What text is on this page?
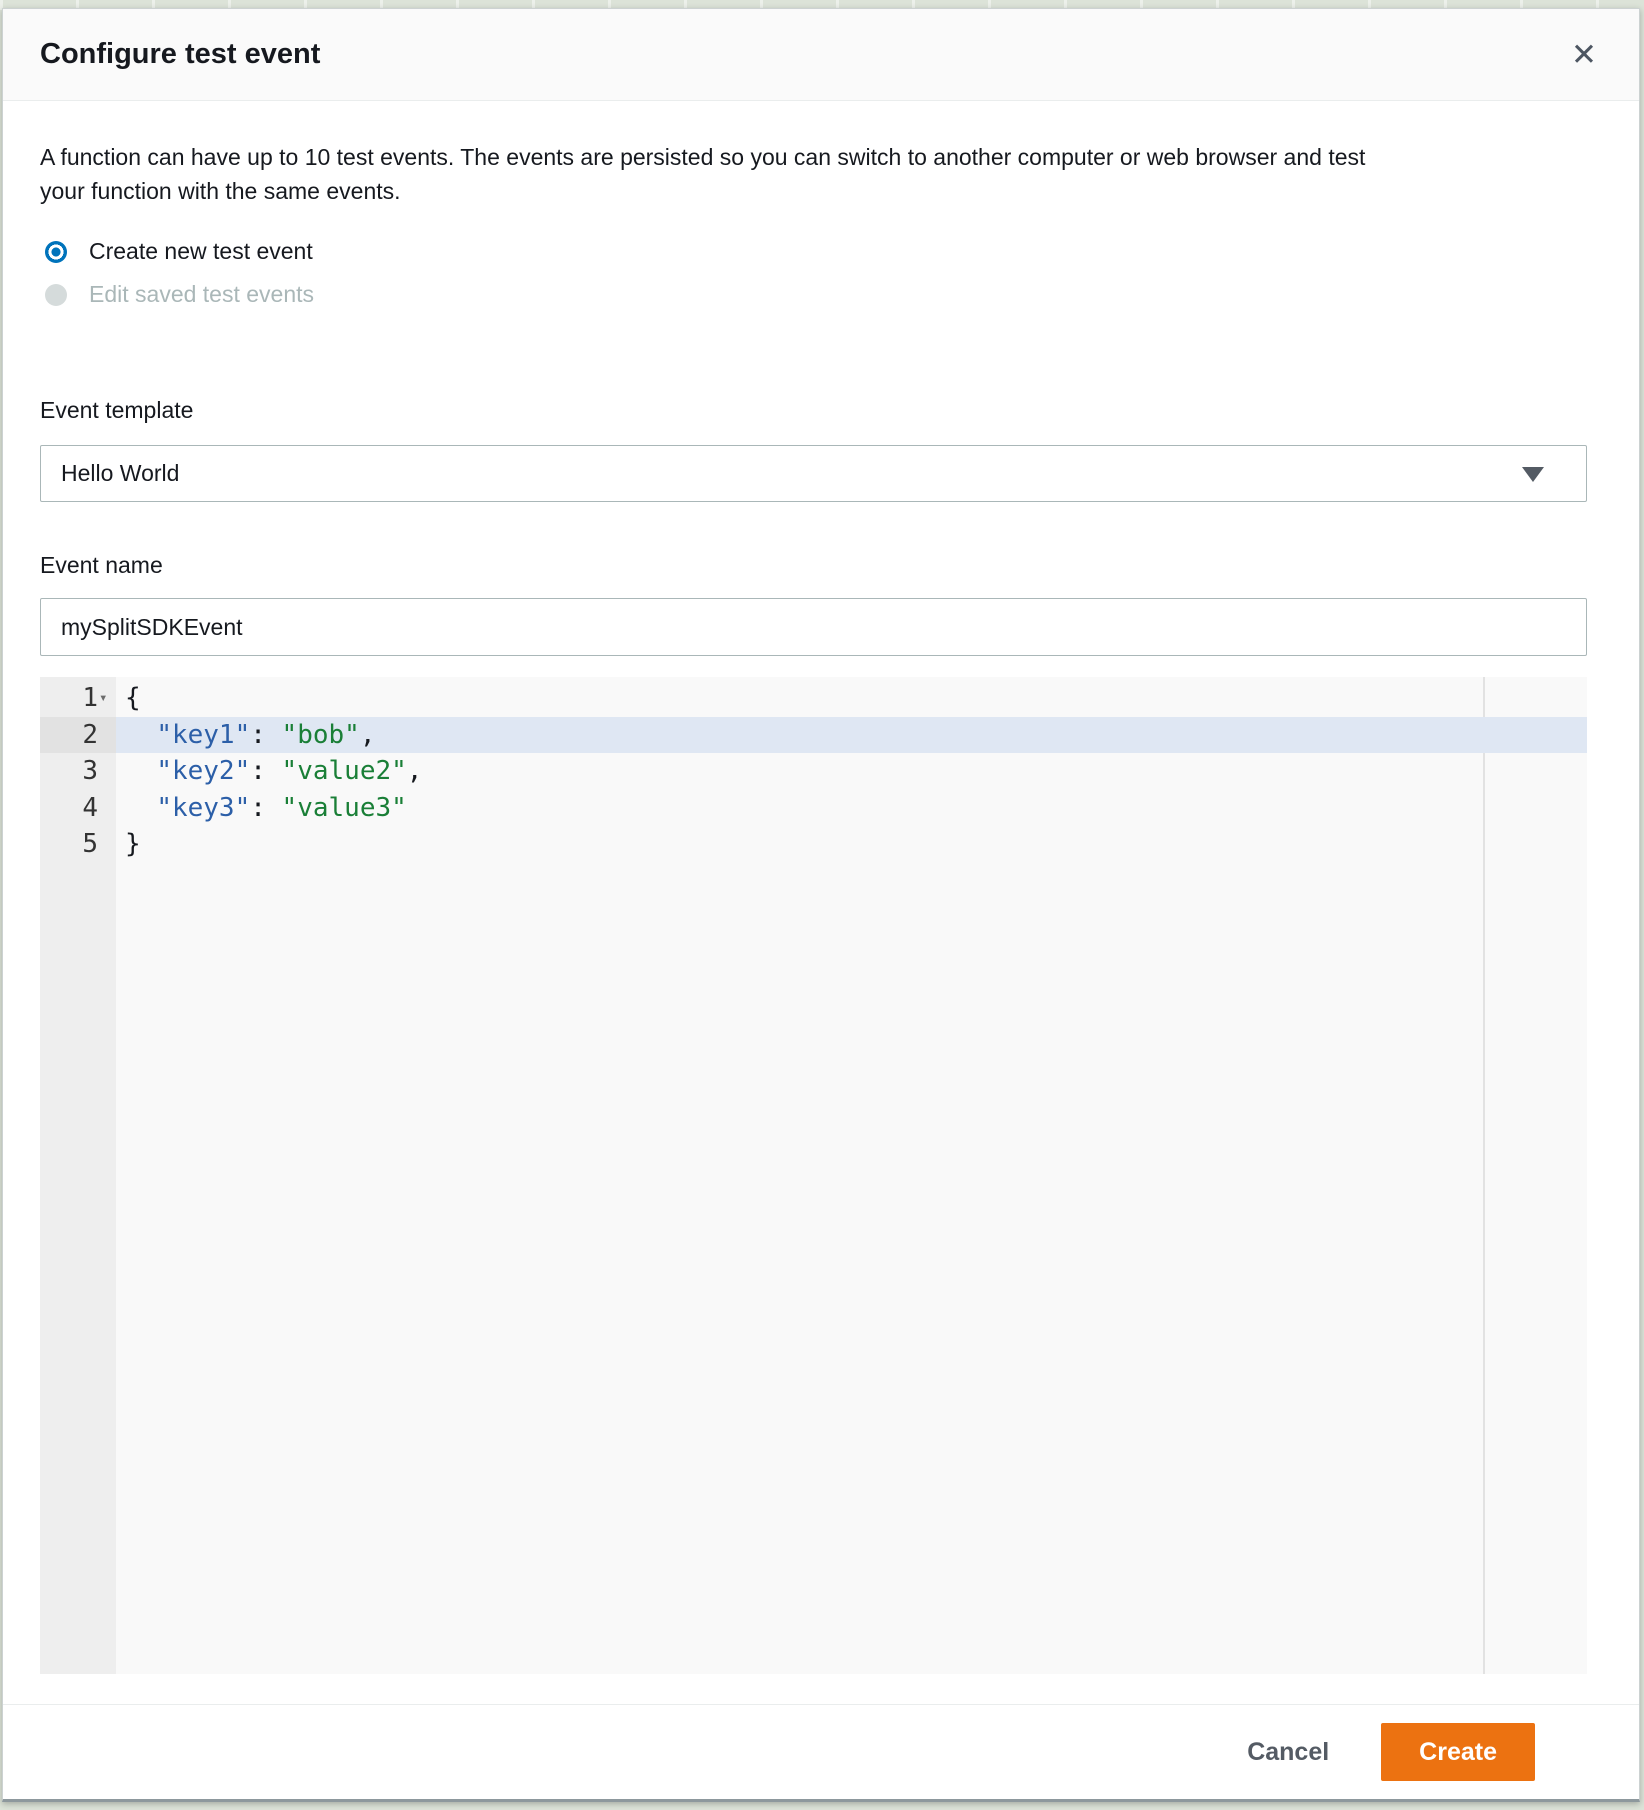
Configure test event	✕

A function can have up to 10 test events. The events are persisted so you can switch to another computer or web browser and test your function with the same events.

Create new test event
Edit saved test events
Event template
Hello World
Event name
mySplitSDKEvent
1 ▾
2
3
4
5
{
"key1": "bob",
"key2": "value2",
"key3": "value3"
}
Cancel	Create
